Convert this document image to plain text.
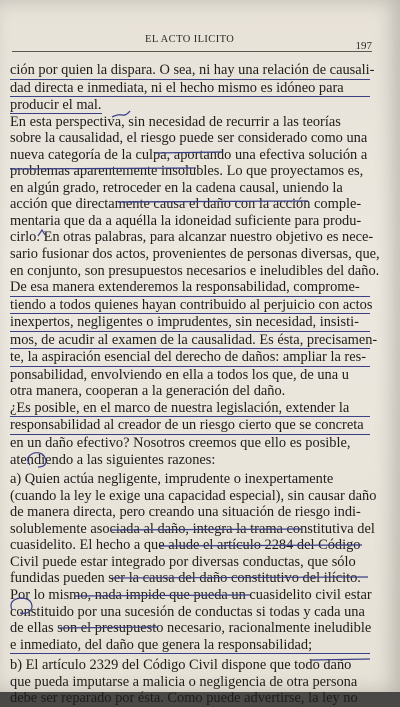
EL ACTO ILICITO
197
ción por quien la dispara. O sea, ni hay una relación de causali-
dad directa e inmediata, ni el hecho mismo es idóneo para
producir el mal.
En esta perspectiva, sin necesidad de recurrir a las teorías
sobre la causalidad, el riesgo puede ser considerado como una
nueva categoría de la culpa, aportando una efectiva solución a
problemas aparentemente insolubles. Lo que proyectamos es,
en algún grado, retroceder en la cadena causal, uniendo la
acción que directamente causa el daño con la acción comple-
mentaria que da a aquélla la idoneidad suficiente para produ-
cirlo. En otras palabras, para alcanzar nuestro objetivo es nece-
sario fusionar dos actos, provenientes de personas diversas, que,
en conjunto, son presupuestos necesarios e ineludibles del daño.
De esa manera extenderemos la responsabilidad, comprome-
tiendo a todos quienes hayan contribuido al perjuicio con actos
inexpertos, negligentes o imprudentes, sin necesidad, insisti-
mos, de acudir al examen de la causalidad. Es ésta, precisamen-
te, la aspiración esencial del derecho de daños: ampliar la res-
ponsabilidad, envolviendo en ella a todos los que, de una u
otra manera, cooperan a la generación del daño.
¿Es posible, en el marco de nuestra legislación, extender la
responsabilidad al creador de un riesgo cierto que se concreta
en un daño efectivo? Nosotros creemos que ello es posible,
atendiendo a las siguientes razones:
a) Quien actúa negligente, imprudente o inexpertamente
(cuando la ley le exige una capacidad especial), sin causar daño
de manera directa, pero creando una situación de riesgo indi-
solublemente asociada al daño, integra la trama constitutiva del
cuasidelito. El hecho a que alude el artículo 2284 del Código
Civil puede estar integrado por diversas conductas, que sólo
fundidas pueden ser la causa del daño constitutivo del ilícito.
Por lo mismo, nada impide que pueda un cuasidelito civil estar
constituido por una sucesión de conductas si todas y cada una
de ellas son el presupuesto necesario, racionalmente ineludible
e inmediato, del daño que genera la responsabilidad;
b) El artículo 2329 del Código Civil dispone que todo daño
que pueda imputarse a malicia o negligencia de otra persona
debe ser reparado por ésta. Como puede advertirse, la ley no
